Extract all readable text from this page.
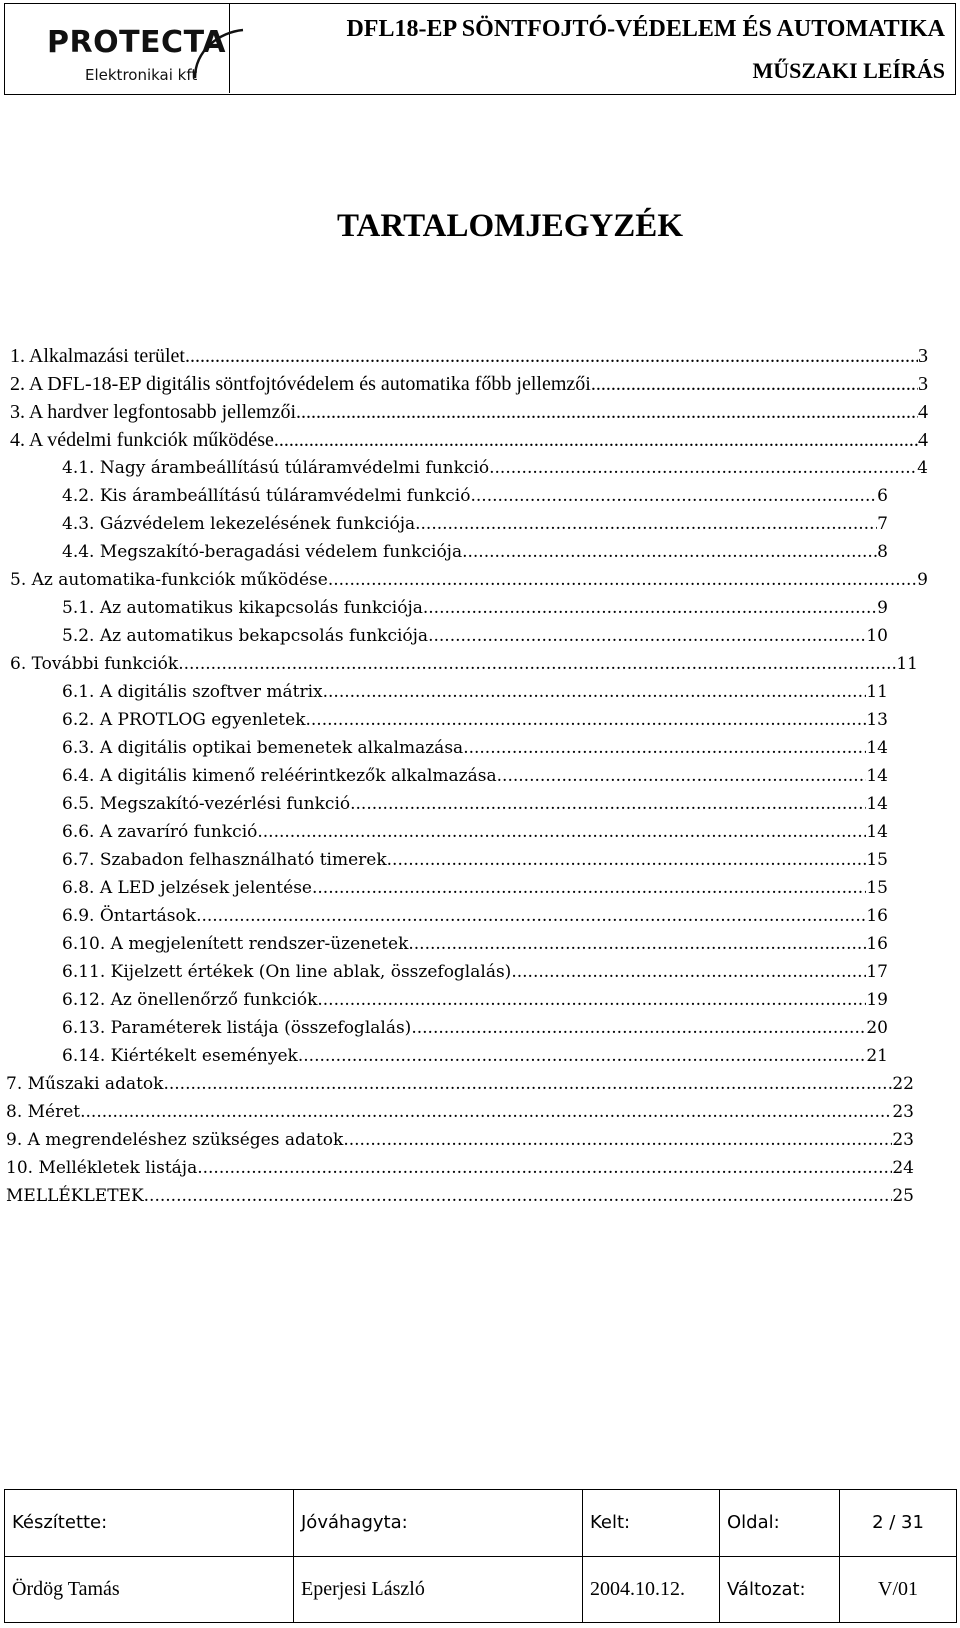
PROTECTA
Elektronikai kft
DFL18-EP SÖNTFOJTÓ-VÉDELEM ÉS AUTOMATIKA
MŰSZAKI LEÍRÁS
TARTALOMJEGYZÉK
1. Alkalmazási terület .....	3
2. A DFL-18-EP digitális söntfojtóvédelem és automatika főbb jellemzői .....	3
3. A hardver legfontosabb jellemzői .....	4
4. A védelmi funkciók működése .....	4
4.1. Nagy árambeállítású túláramvédelmi funkció .....	4
4.2. Kis árambeállítású túláramvédelmi funkció .....	6
4.3. Gázvédelem lekezelésének funkciója .....	7
4.4. Megszakító-beragadási védelem funkciója .....	8
5. Az automatika-funkciók működése .....	9
5.1. Az automatikus kikapcsolás funkciója .....	9
5.2. Az automatikus bekapcsolás funkciója .....	10
6. További funkciók .....	11
6.1. A digitális szoftver mátrix .....	11
6.2. A PROTLOG egyenletek .....	13
6.3. A digitális optikai bemenetek alkalmazása .....	14
6.4. A digitális kimenő reléérintkezők alkalmazása .....	14
6.5. Megszakító-vezérlési funkció .....	14
6.6. A zavaríró funkció .....	14
6.7. Szabadon felhasználható timerek .....	15
6.8. A LED jelzések jelentése .....	15
6.9. Öntartások .....	16
6.10. A megjelenített rendszer-üzenetek .....	16
6.11. Kijelzett értékek (On line ablak, összefoglalás) .....	17
6.12. Az önellenőrző funkciók .....	19
6.13. Paraméterek listája (összefoglalás) .....	20
6.14. Kiértékelt események .....	21
7. Műszaki adatok .....	22
8. Méret .....	23
9. A megrendeléshez szükséges adatok .....	23
10. Mellékletek listája .....	24
MELLÉKLETEK .....	25
Készítette:	Jóváhagyta:	Kelt:	Oldal:	2 / 31
Ördög Tamás	Eperjesi László	2004.10.12.	Változat:	V/01
